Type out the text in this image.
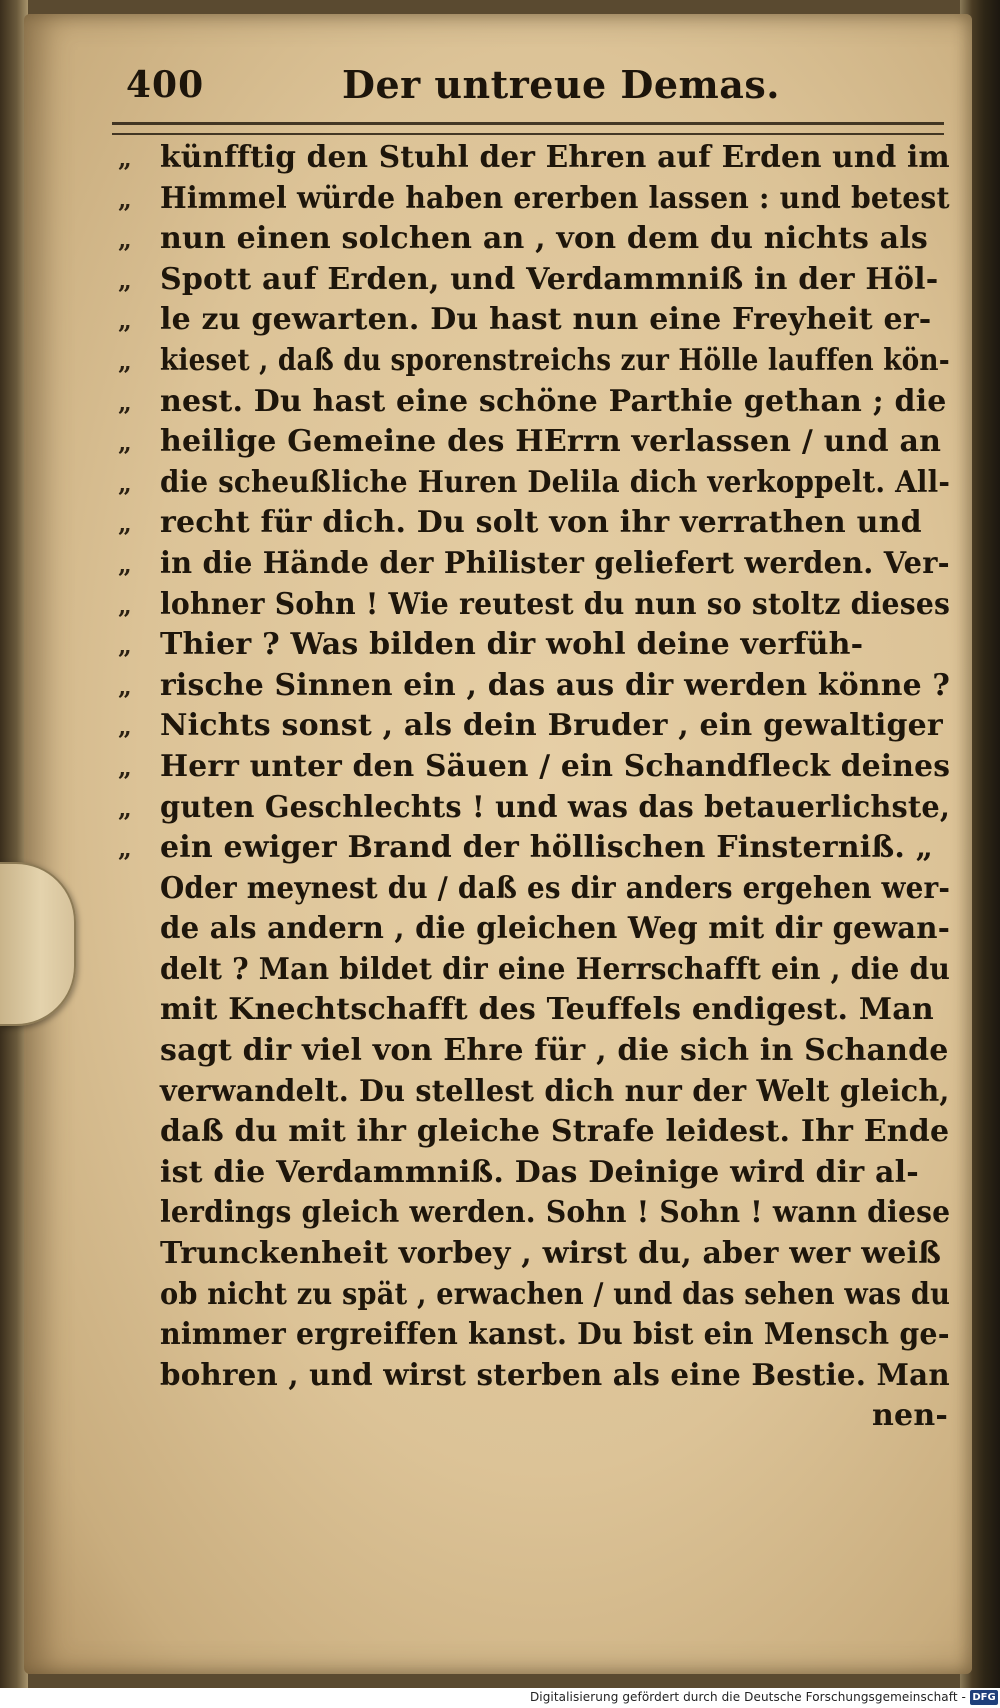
400	Der untreue Demas.
„ künfftig den Stuhl der Ehren auf Erden und im
„ Himmel würde haben ererben lassen : und betest
„ nun einen solchen an , von dem du nichts als
„ Spott auf Erden, und Verdammniß in der Höl-
„ le zu gewarten. Du hast nun eine Freyheit er-
„ kieset , daß du sporenstreichs zur Hölle lauffen kön-
„ nest. Du hast eine schöne Parthie gethan ; die
„ heilige Gemeine des HErrn verlassen / und an
„ die scheußliche Huren Delila dich verkoppelt. All-
„ recht für dich. Du solt von ihr verrathen und
„ in die Hände der Philister geliefert werden. Ver-
„ lohner Sohn ! Wie reutest du nun so stoltz dieses
„ Thier ? Was bilden dir wohl deine verfüh-
„ rische Sinnen ein , das aus dir werden könne ?
„ Nichts sonst , als dein Bruder , ein gewaltiger
„ Herr unter den Säuen / ein Schandfleck deines
„ guten Geschlechts ! und was das betauerlichste,
„ ein ewiger Brand der höllischen Finsterniß. „
Oder meynest du / daß es dir anders ergehen wer-
de als andern , die gleichen Weg mit dir gewan-
delt ? Man bildet dir eine Herrschafft ein , die du
mit Knechtschafft des Teuffels endigest. Man
sagt dir viel von Ehre für , die sich in Schande
verwandelt. Du stellest dich nur der Welt gleich,
daß du mit ihr gleiche Strafe leidest. Ihr Ende
ist die Verdammniß. Das Deinige wird dir al-
lerdings gleich werden. Sohn ! Sohn ! wann diese
Trunckenheit vorbey , wirst du, aber wer weiß
ob nicht zu spät , erwachen / und das sehen was du
nimmer ergreiffen kanst. Du bist ein Mensch ge-
bohren , und wirst sterben als eine Bestie. Man
nen-
Digitalisierung gefördert durch die Deutsche Forschungsgemeinschaft - DFG
